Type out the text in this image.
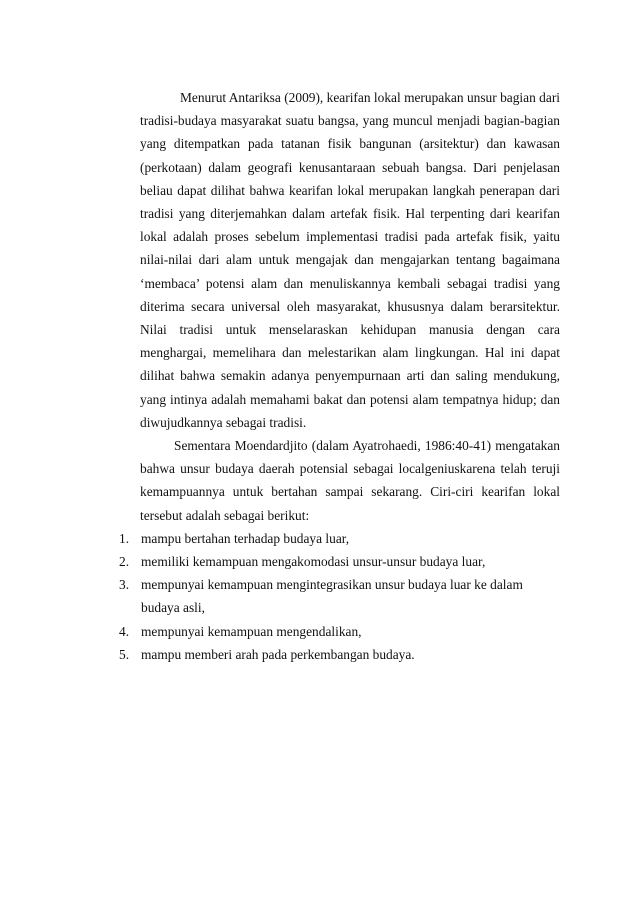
Menurut Antariksa (2009), kearifan lokal merupakan unsur bagian dari tradisi-budaya masyarakat suatu bangsa, yang muncul menjadi bagian-bagian yang ditempatkan pada tatanan fisik bangunan (arsitektur) dan kawasan (perkotaan) dalam geografi kenusantaraan sebuah bangsa. Dari penjelasan beliau dapat dilihat bahwa kearifan lokal merupakan langkah penerapan dari tradisi yang diterjemahkan dalam artefak fisik. Hal terpenting dari kearifan lokal adalah proses sebelum implementasi tradisi pada artefak fisik, yaitu nilai-nilai dari alam untuk mengajak dan mengajarkan tentang bagaimana ‘membaca’ potensi alam dan menuliskannya kembali sebagai tradisi yang diterima secara universal oleh masyarakat, khususnya dalam berarsitektur. Nilai tradisi untuk menselaraskan kehidupan manusia dengan cara menghargai, memelihara dan melestarikan alam lingkungan. Hal ini dapat dilihat bahwa semakin adanya penyempurnaan arti dan saling mendukung, yang intinya adalah memahami bakat dan potensi alam tempatnya hidup; dan diwujudkannya sebagai tradisi.

Sementara Moendardjito (dalam Ayatrohaedi, 1986:40-41) mengatakan bahwa unsur budaya daerah potensial sebagai localgeniuskarena telah teruji kemampuannya untuk bertahan sampai sekarang. Ciri-ciri kearifan lokal tersebut adalah sebagai berikut:

1. mampu bertahan terhadap budaya luar,
2. memiliki kemampuan mengakomodasi unsur-unsur budaya luar,
3. mempunyai kemampuan mengintegrasikan unsur budaya luar ke dalam budaya asli,
4. mempunyai kemampuan mengendalikan,
5. mampu memberi arah pada perkembangan budaya.
